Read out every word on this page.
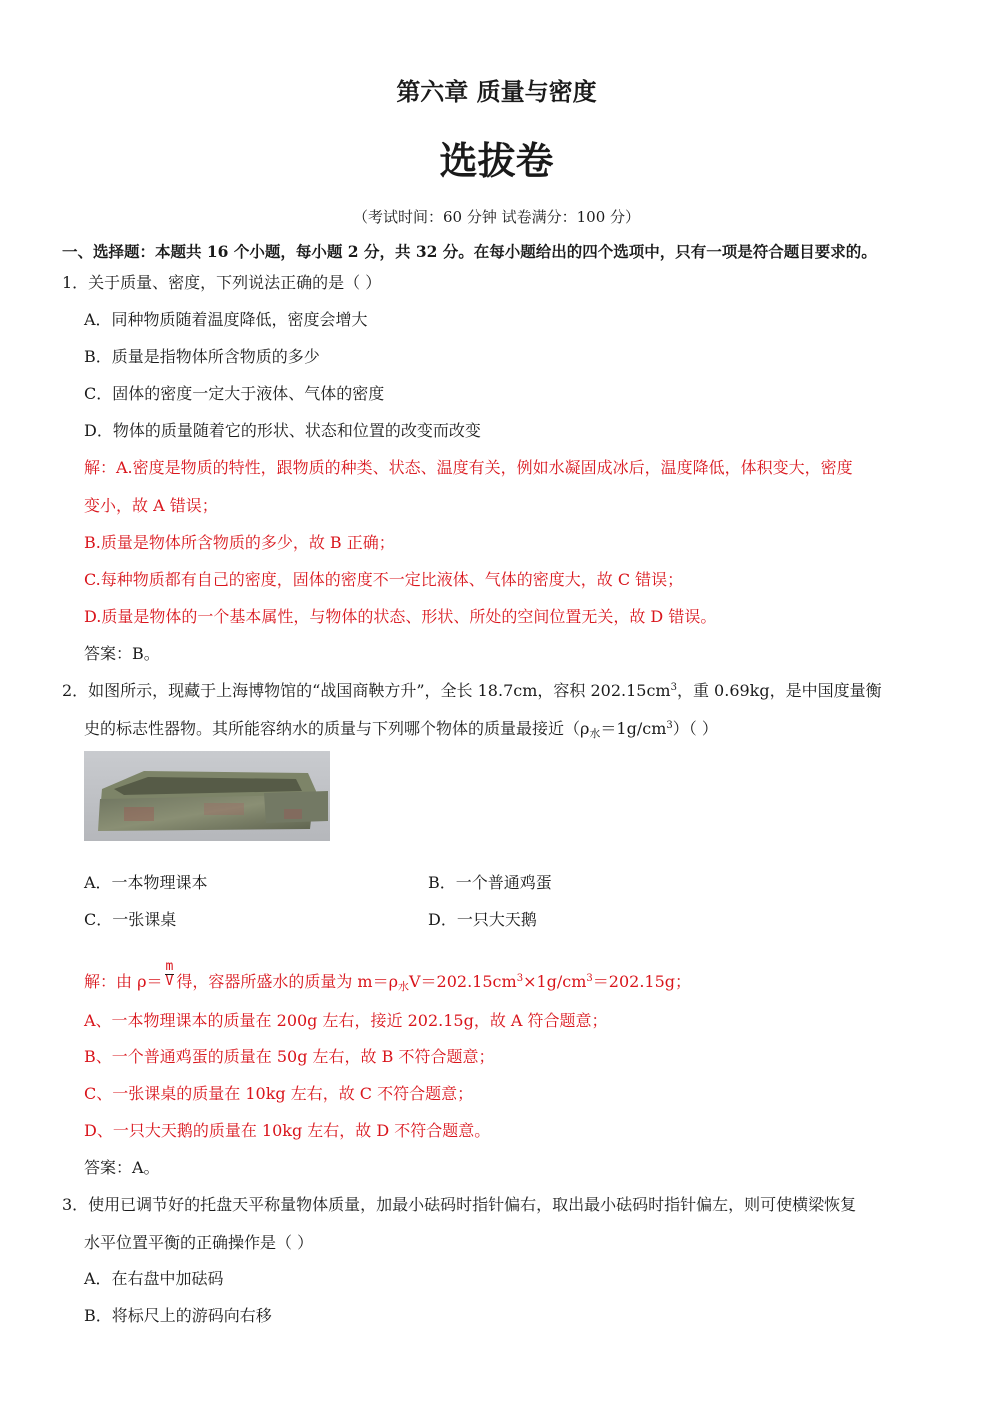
第六章 质量与密度
选拔卷
（考试时间：60 分钟 试卷满分：100 分）
一、选择题：本题共 16 个小题，每小题 2 分，共 32 分。在每小题给出的四个选项中，只有一项是符合题目要求的。
1．关于质量、密度，下列说法正确的是（ ）
A．同种物质随着温度降低，密度会增大
B．质量是指物体所含物质的多少
C．固体的密度一定大于液体、气体的密度
D．物体的质量随着它的形状、状态和位置的改变而改变
解：A.密度是物质的特性，跟物质的种类、状态、温度有关，例如水凝固成冰后，温度降低，体积变大，密度
变小，故 A 错误；
B.质量是物体所含物质的多少，故 B 正确；
C.每种物质都有自己的密度，固体的密度不一定比液体、气体的密度大，故 C 错误；
D.质量是物体的一个基本属性，与物体的状态、形状、所处的空间位置无关，故 D 错误。
答案：B。
2．如图所示，现藏于上海博物馆的“战国商鞅方升”，全长 18.7cm，容积 $202.15cm^3$，重 0.69kg，是中国度量衡
史的标志性器物。其所能容纳水的质量与下列哪个物体的质量最接近$(\rho_水=1g/cm^3)$（ ）
A．一本物理课本	B．一个普通鸡蛋
C．一张课桌	D．一只大天鹅
解：由 $\rho= \frac{m}{V}$ 得，容器所盛水的质量为 $m=\rho_水V=202.15cm^3\times 1g/cm^3=202.15g$；
A、一本物理课本的质量在 200g 左右，接近 202.15g，故 A 符合题意；
B、一个普通鸡蛋的质量在 50g 左右，故 B 不符合题意；
C、一张课桌的质量在 10kg 左右，故 C 不符合题意；
D、一只大天鹅的质量在 10kg 左右，故 D 不符合题意。
答案：A。
3．使用已调节好的托盘天平称量物体质量，加最小砝码时指针偏右，取出最小砝码时指针偏左，则可使横梁恢复
水平位置平衡的正确操作是（ ）
A．在右盘中加砝码
B．将标尺上的游码向右移
